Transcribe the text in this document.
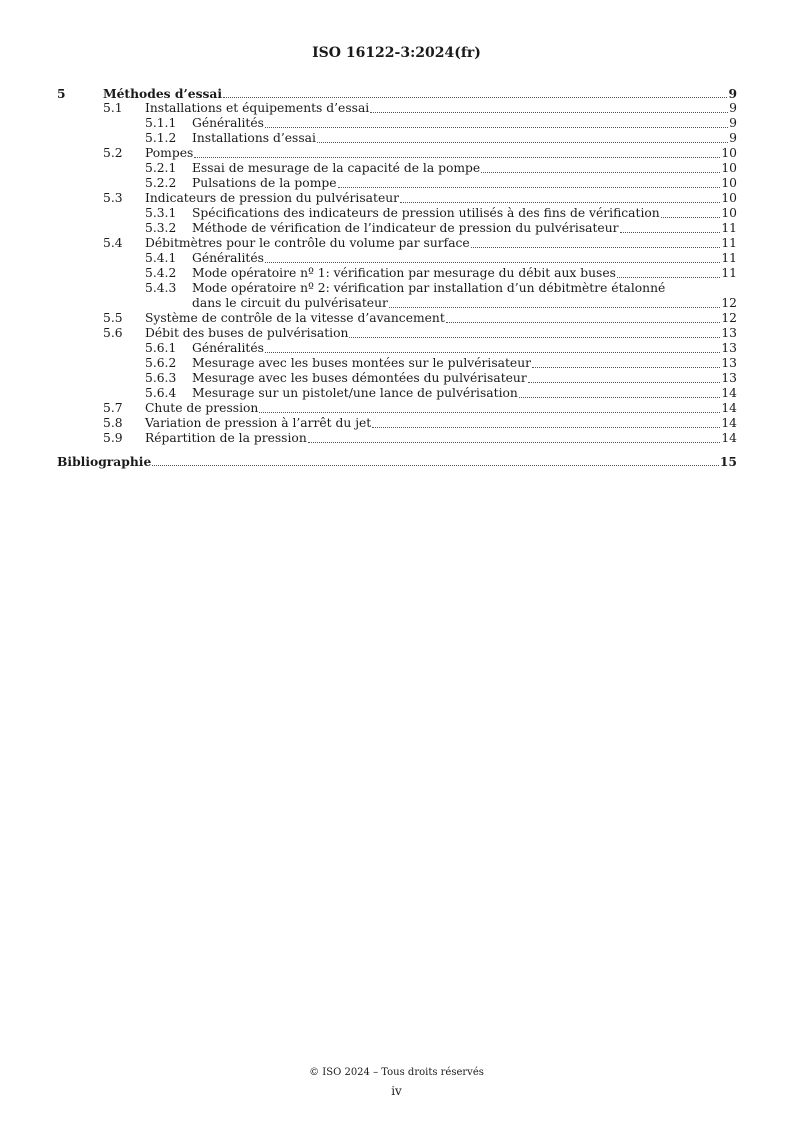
ISO 16122-3:2024(fr)
5	Méthodes d’essai	9
5.1	Installations et équipements d’essai	9
5.1.1	Généralités	9
5.1.2	Installations d’essai	9
5.2	Pompes	10
5.2.1	Essai de mesurage de la capacité de la pompe	10
5.2.2	Pulsations de la pompe	10
5.3	Indicateurs de pression du pulvérisateur	10
5.3.1	Spécifications des indicateurs de pression utilisés à des fins de vérification	10
5.3.2	Méthode de vérification de l’indicateur de pression du pulvérisateur	11
5.4	Débitmètres pour le contrôle du volume par surface	11
5.4.1	Généralités	11
5.4.2	Mode opératoire nº 1: vérification par mesurage du débit aux buses	11
5.4.3	Mode opératoire nº 2: vérification par installation d’un débitmètre étalonné
dans le circuit du pulvérisateur	12
5.5	Système de contrôle de la vitesse d’avancement	12
5.6	Débit des buses de pulvérisation	13
5.6.1	Généralités	13
5.6.2	Mesurage avec les buses montées sur le pulvérisateur	13
5.6.3	Mesurage avec les buses démontées du pulvérisateur	13
5.6.4	Mesurage sur un pistolet/une lance de pulvérisation	14
5.7	Chute de pression	14
5.8	Variation de pression à l’arrêt du jet	14
5.9	Répartition de la pression	14
Bibliographie	15
© ISO 2024 – Tous droits réservés
iv
